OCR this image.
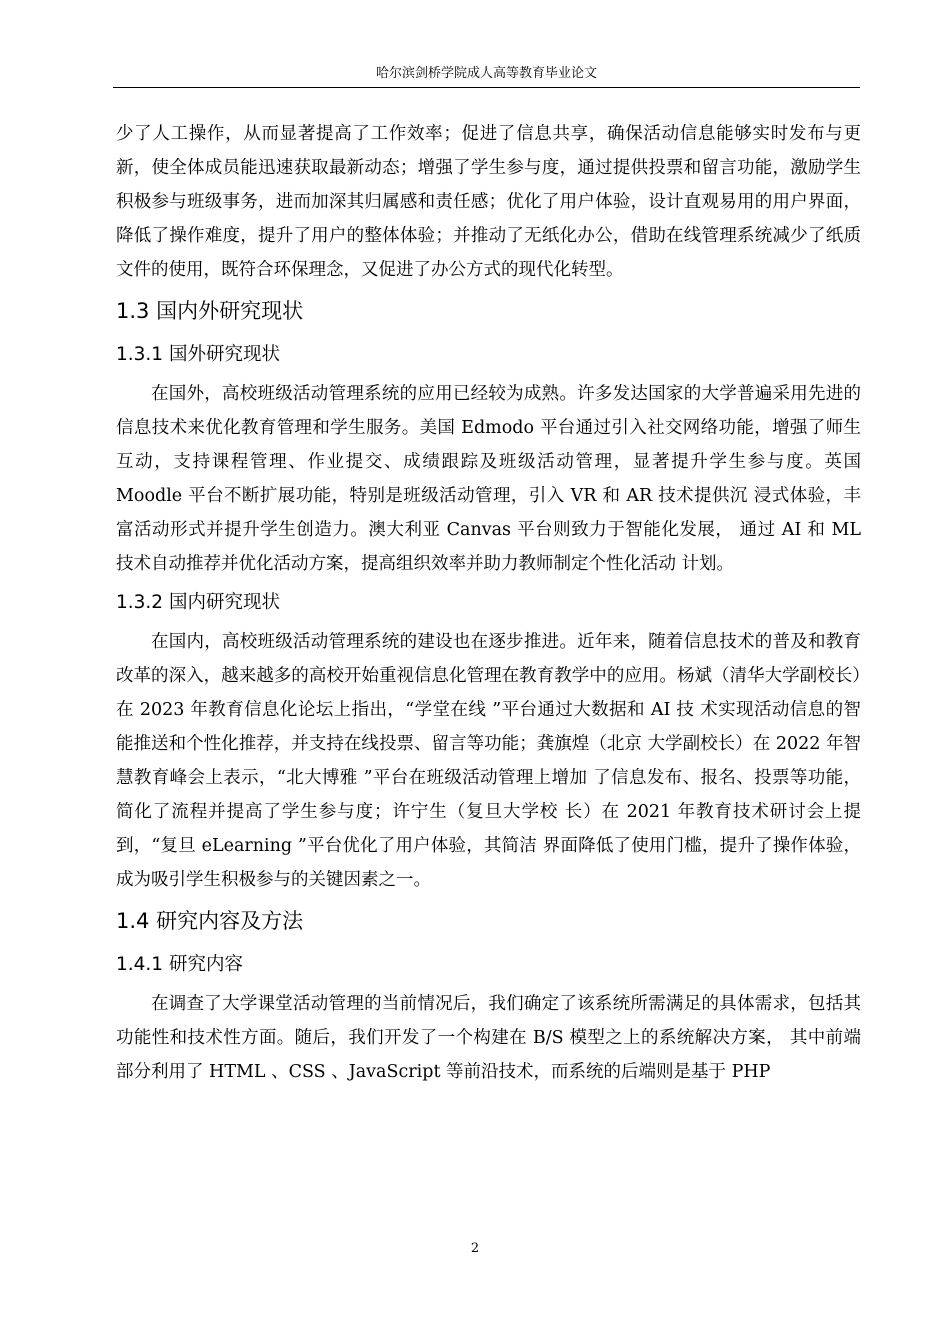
哈尔滨剑桥学院成人高等教育毕业论文

少了人工操作，从而显著提高了工作效率；促进了信息共享，确保活动信息能够实时发布与更新，使全体成员能迅速获取最新动态；增强了学生参与度，通过提供投票和留言功能，激励学生积极参与班级事务，进而加深其归属感和责任感；优化了用户体验，设计直观易用的用户界面，降低了操作难度，提升了用户的整体体验；并推动了无纸化办公，借助在线管理系统减少了纸质文件的使用，既符合环保理念，又促进了办公方式的现代化转型。

1.3 国内外研究现状
1.3.1 国外研究现状

在国外，高校班级活动管理系统的应用已经较为成熟。许多发达国家的大学普遍采用先进的信息技术来优化教育管理和学生服务。美国 Edmodo 平台通过引入社交网络功能，增强了师生互动，支持课程管理、作业提交、成绩跟踪及班级活动管理，显著提升学生参与度。英国 Moodle 平台不断扩展功能，特别是班级活动管理，引入 VR 和 AR 技术提供沉 浸式体验，丰富活动形式并提升学生创造力。澳大利亚 Canvas 平台则致力于智能化发展， 通过 AI 和 ML 技术自动推荐并优化活动方案，提高组织效率并助力教师制定个性化活动 计划。

1.3.2 国内研究现状

在国内，高校班级活动管理系统的建设也在逐步推进。近年来，随着信息技术的普及和教育改革的深入，越来越多的高校开始重视信息化管理在教育教学中的应用。杨斌（清华大学副校长）在 2023 年教育信息化论坛上指出，“学堂在线 ”平台通过大数据和 AI 技 术实现活动信息的智能推送和个性化推荐，并支持在线投票、留言等功能；龚旗煌（北京 大学副校长）在 2022 年智慧教育峰会上表示，“北大博雅 ”平台在班级活动管理上增加 了信息发布、报名、投票等功能，简化了流程并提高了学生参与度；许宁生（复旦大学校 长）在 2021 年教育技术研讨会上提到，“复旦 eLearning ”平台优化了用户体验，其简洁 界面降低了使用门槛，提升了操作体验，成为吸引学生积极参与的关键因素之一。

1.4 研究内容及方法
1.4.1 研究内容

在调查了大学课堂活动管理的当前情况后，我们确定了该系统所需满足的具体需求，包括其功能性和技术性方面。随后，我们开发了一个构建在 B/S 模型之上的系统解决方案， 其中前端部分利用了 HTML 、CSS 、JavaScript 等前沿技术，而系统的后端则是基于 PHP

2
